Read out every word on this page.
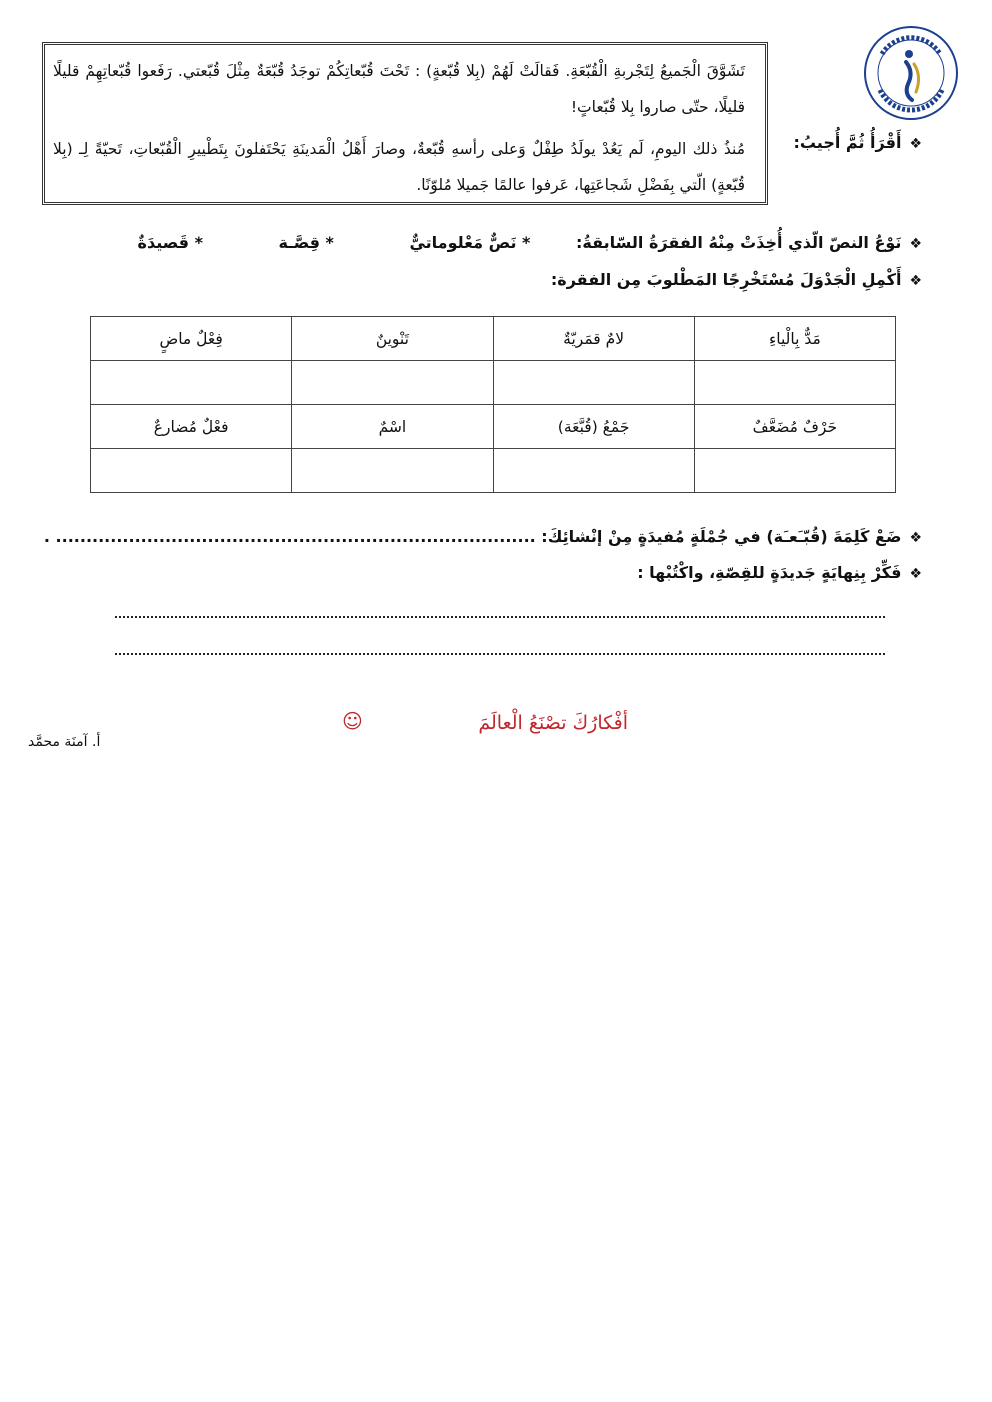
تَشَوَّقَ الْجَميعُ لِتَجْربةِ الْقُبّعَةِ. فَقالَتْ لَهُمْ (بِلا قُبّعةٍ) : تَحْتَ قُبّعاتِكُمْ توجَدُ قُبّعَةٌ مِثْلَ قُبّعتي. رَفَعوا قُبّعاتِهِمْ قليلًا قليلًا، حتّى صاروا بِلا قُبّعاتٍ!
مُنذُ ذلك اليومِ، لَم يَعُدْ يولَدُ طِفْلٌ وَعلى رأسهِ قُبّعةٌ، وصارَ أَهْلُ الْمَدينَةِ يَحْتَفلونَ بِتَطْييرِ الْقُبّعاتِ، تَحيّةً لِـ (بِلا قُبّعةٍ) الّتي بِفَضْلِ شَجاعَتِها، عَرفوا عالمًا جَميلا مُلوّنًا.
❖أَقْرَأُ ثُمَّ أُجيبُ:
❖نَوْعُ النصّ الّذي أُخِذَتْ مِنْهُ الفقرَةُ السّابقةُ: * نَصٌّ مَعْلوماتيٌّ * قِصَّـة * قَصيدَةٌ
❖أَكْمِلِ الْجَدْوَلَ مُسْتَخْرِجًا المَطْلوبَ مِن الفقرة:
مَدٌّ بِالْياءِ	لامٌ قمَريّةٌ	تَنْوينٌ	فِعْلٌ ماضٍ

حَرْفٌ مُضَعَّفٌ	جَمْعُ (قُبَّعَة)	اسْمٌ	فعْلٌ مُضارعٌ

❖ضَعْ كَلِمَةَ (قُبّـَعـَة) في جُمْلَةٍ مُفيدَةٍ مِنْ إنْشائِكَ: ............................................................................... .
❖فَكِّرْ بِنِهايَةٍ جَديدَةٍ للقِصّةِ، واكْتُبْها :
☺	أفْكارُكَ تصْنَعُ الْعالَمَ
أ. آمنَة محمَّد
